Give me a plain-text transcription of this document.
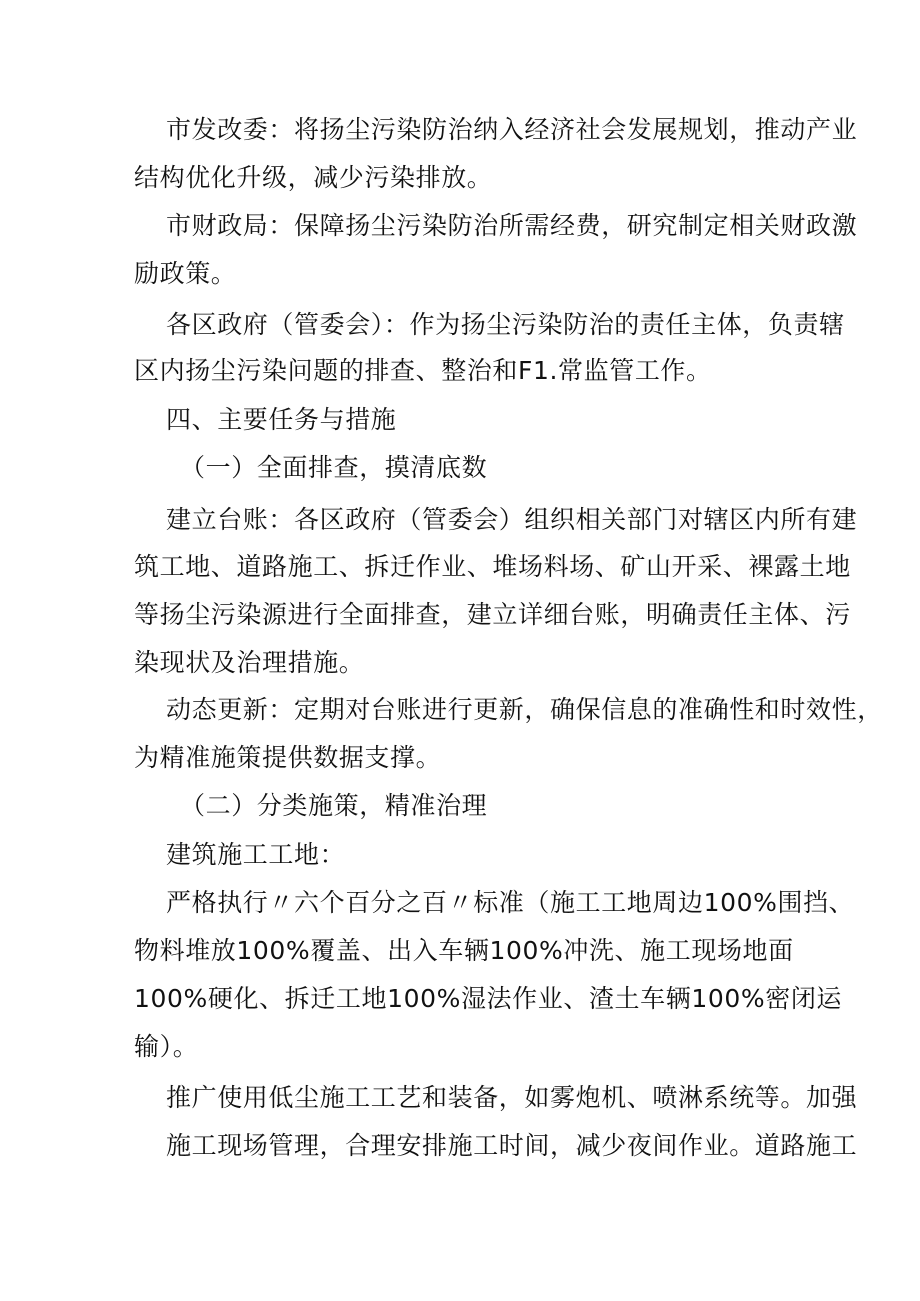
市发改委：将扬尘污染防治纳入经济社会发展规划，推动产业
结构优化升级，减少污染排放。
市财政局：保障扬尘污染防治所需经费，研究制定相关财政激
励政策。
各区政府（管委会）：作为扬尘污染防治的责任主体，负责辖
区内扬尘污染问题的排查、整治和F1.常监管工作。
四、主要任务与措施
（一）全面排查，摸清底数
建立台账：各区政府（管委会）组织相关部门对辖区内所有建
筑工地、道路施工、拆迁作业、堆场料场、矿山开采、裸露土地
等扬尘污染源进行全面排查，建立详细台账，明确责任主体、污
染现状及治理措施。
动态更新：定期对台账进行更新，确保信息的准确性和时效性，
为精准施策提供数据支撑。
（二）分类施策，精准治理
建筑施工工地：
严格执行〃六个百分之百〃标准（施工工地周边100%围挡、
物料堆放100%覆盖、出入车辆100%冲洗、施工现场地面
100%硬化、拆迁工地100%湿法作业、渣土车辆100%密闭运
输）。
推广使用低尘施工工艺和装备，如雾炮机、喷淋系统等。加强
施工现场管理，合理安排施工时间，减少夜间作业。道路施工
